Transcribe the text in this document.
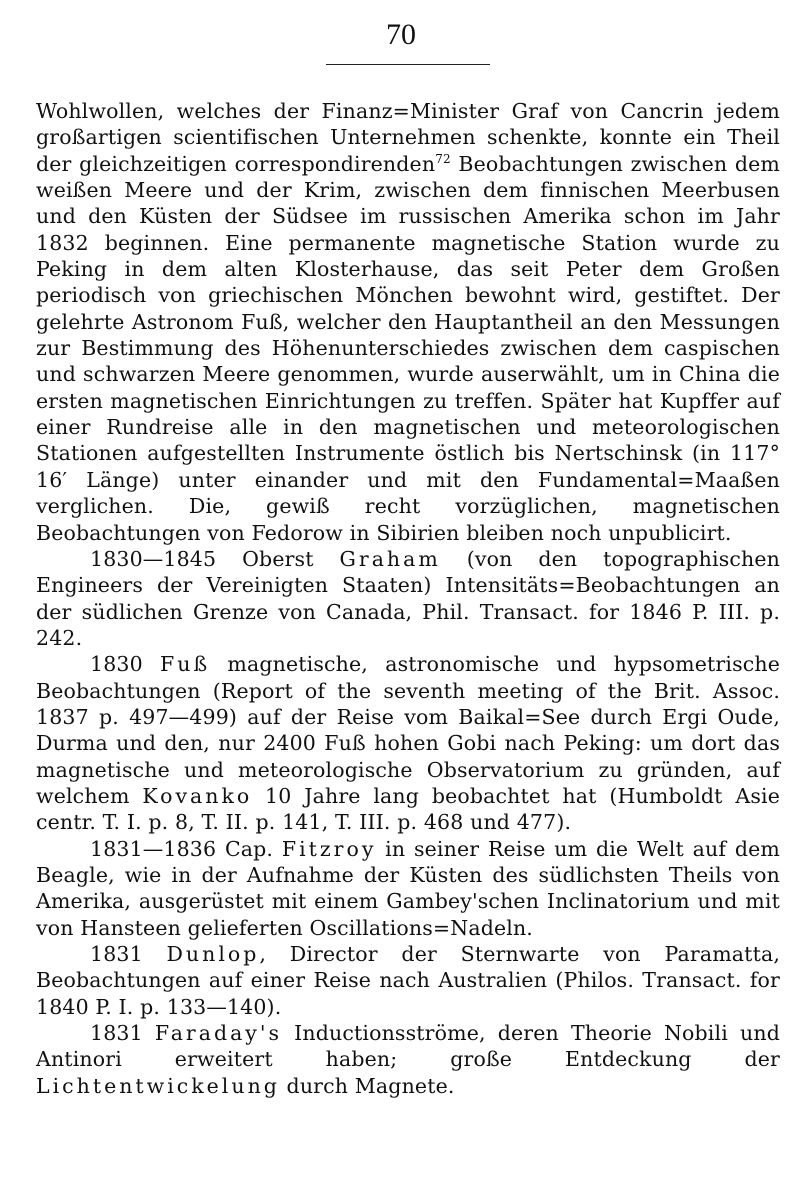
70

Wohlwollen, welches der Finanz=Minister Graf von Cancrin jedem großartigen scientifischen Unternehmen schenkte, konnte ein Theil der gleichzeitigen correspondirenden$^{72}$ Beobachtungen zwischen dem weißen Meere und der Krim, zwischen dem finnischen Meerbusen und den Küsten der Südsee im russischen Amerika schon im Jahr 1832 beginnen. Eine permanente magnetische Station wurde zu Peking in dem alten Klosterhause, das seit Peter dem Großen periodisch von griechischen Mönchen bewohnt wird, gestiftet. Der gelehrte Astronom Fuß, welcher den Hauptantheil an den Messungen zur Bestimmung des Höhenunterschiedes zwischen dem caspischen und schwarzen Meere genommen, wurde auserwählt, um in China die ersten magnetischen Einrichtungen zu treffen. Später hat Kupffer auf einer Rundreise alle in den magnetischen und meteorologischen Stationen aufgestellten Instrumente östlich bis Nertschinsk (in 117° 16′ Länge) unter einander und mit den Fundamental=Maaßen verglichen. Die, gewiß recht vorzüglichen, magnetischen Beobachtungen von Fedorow in Sibirien bleiben noch unpublicirt.

1830—1845 Oberst Graham (von den topographischen Engineers der Vereinigten Staaten) Intensitäts=Beobachtungen an der südlichen Grenze von Canada, Phil. Transact. for 1846 P. III. p. 242.

1830 Fuß magnetische, astronomische und hypsometrische Beobachtungen (Report of the seventh meeting of the Brit. Assoc. 1837 p. 497—499) auf der Reise vom Baikal=See durch Ergi Oude, Durma und den, nur 2400 Fuß hohen Gobi nach Peking: um dort das magnetische und meteorologische Observatorium zu gründen, auf welchem Kovanko 10 Jahre lang beobachtet hat (Humboldt Asie centr. T. I. p. 8, T. II. p. 141, T. III. p. 468 und 477).

1831—1836 Cap. Fitzroy in seiner Reise um die Welt auf dem Beagle, wie in der Aufnahme der Küsten des südlichsten Theils von Amerika, ausgerüstet mit einem Gambey'schen Inclinatorium und mit von Hansteen gelieferten Oscillations=Nadeln.

1831 Dunlop, Director der Sternwarte von Paramatta, Beobachtungen auf einer Reise nach Australien (Philos. Transact. for 1840 P. I. p. 133—140).

1831 Faraday's Inductionsströme, deren Theorie Nobili und Antinori erweitert haben; große Entdeckung der Lichtentwickelung durch Magnete.
